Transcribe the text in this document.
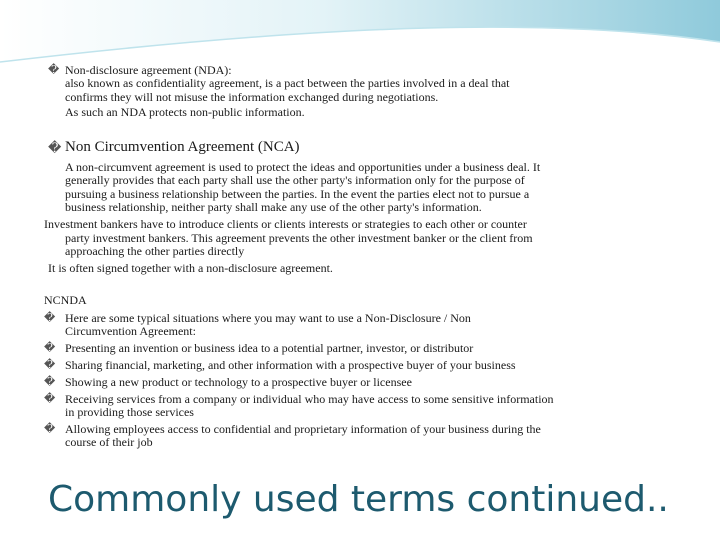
� Non-disclosure agreement (NDA):
also known as confidentiality agreement, is a pact between the parties involved in a deal that
confirms they will not misuse the information exchanged during negotiations.
As such an NDA protects non-public information.
� Non Circumvention Agreement (NCA)
A non-circumvent agreement is used to protect the ideas and opportunities under a business deal. It
generally provides that each party shall use the other party's information only for the purpose of
pursuing a business relationship between the parties. In the event the parties elect not to pursue a
business relationship, neither party shall make any use of the other party's information.
Investment bankers have to introduce clients or clients interests or strategies to each other or counter
party investment bankers. This agreement prevents the other investment banker or the client from
approaching the other parties directly
It is often signed together with a non-disclosure agreement.
NCNDA
� Here are some typical situations where you may want to use a Non-Disclosure / Non
Circumvention Agreement:
� Presenting an invention or business idea to a potential partner, investor, or distributor
� Sharing financial, marketing, and other information with a prospective buyer of your business
� Showing a new product or technology to a prospective buyer or licensee
� Receiving services from a company or individual who may have access to some sensitive information
in providing those services
� Allowing employees access to confidential and proprietary information of your business during the
course of their job
Commonly used terms continued..
